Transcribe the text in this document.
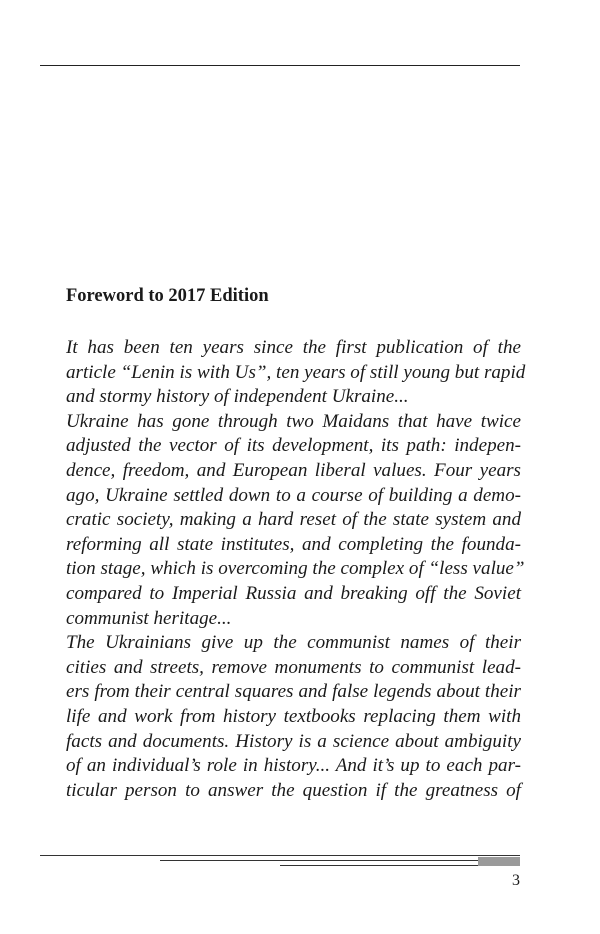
Foreword to 2017 Edition

It has been ten years since the first publication of the
article “Lenin is with Us”, ten years of still young but rapid
and stormy history of independent Ukraine...

Ukraine has gone through two Maidans that have twice
adjusted the vector of its development, its path: indepen-
dence, freedom, and European liberal values. Four years
ago, Ukraine settled down to a course of building a demo-
cratic society, making a hard reset of the state system and
reforming all state institutes, and completing the founda-
tion stage, which is overcoming the complex of “less value”
compared to Imperial Russia and breaking off the Soviet
communist heritage...

The Ukrainians give up the communist names of their
cities and streets, remove monuments to communist lead-
ers from their central squares and false legends about their
life and work from history textbooks replacing them with
facts and documents. History is a science about ambiguity
of an individual’s role in history... And it’s up to each par-
ticular person to answer the question if the greatness of

3
